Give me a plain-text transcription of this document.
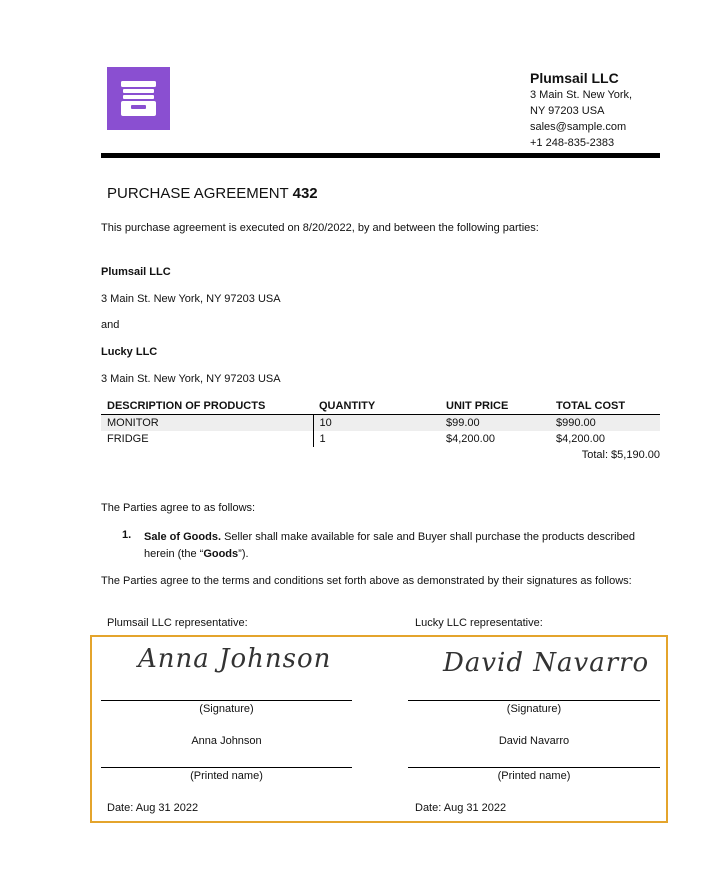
Plumsail LLC
3 Main St. New York,
NY 97203 USA
sales@sample.com
+1 248-835-2383
PURCHASE AGREEMENT 432
This purchase agreement is executed on 8/20/2022, by and between the following parties:
Plumsail LLC
3 Main St. New York, NY 97203 USA
and
Lucky LLC
3 Main St. New York, NY 97203 USA
DESCRIPTION OF PRODUCTS	QUANTITY	UNIT PRICE	TOTAL COST
MONITOR	10	$99.00	$990.00
FRIDGE	1	$4,200.00	$4,200.00
Total: $5,190.00
The Parties agree to as follows:
1. Sale of Goods. Seller shall make available for sale and Buyer shall purchase the products described herein (the “Goods”).
The Parties agree to the terms and conditions set forth above as demonstrated by their signatures as follows:
Plumsail LLC representative:	Lucky LLC representative:
Anna Johnson
(Signature)
Anna Johnson
(Printed name)
Date: Aug 31 2022
David Navarro
(Signature)
David Navarro
(Printed name)
Date: Aug 31 2022
